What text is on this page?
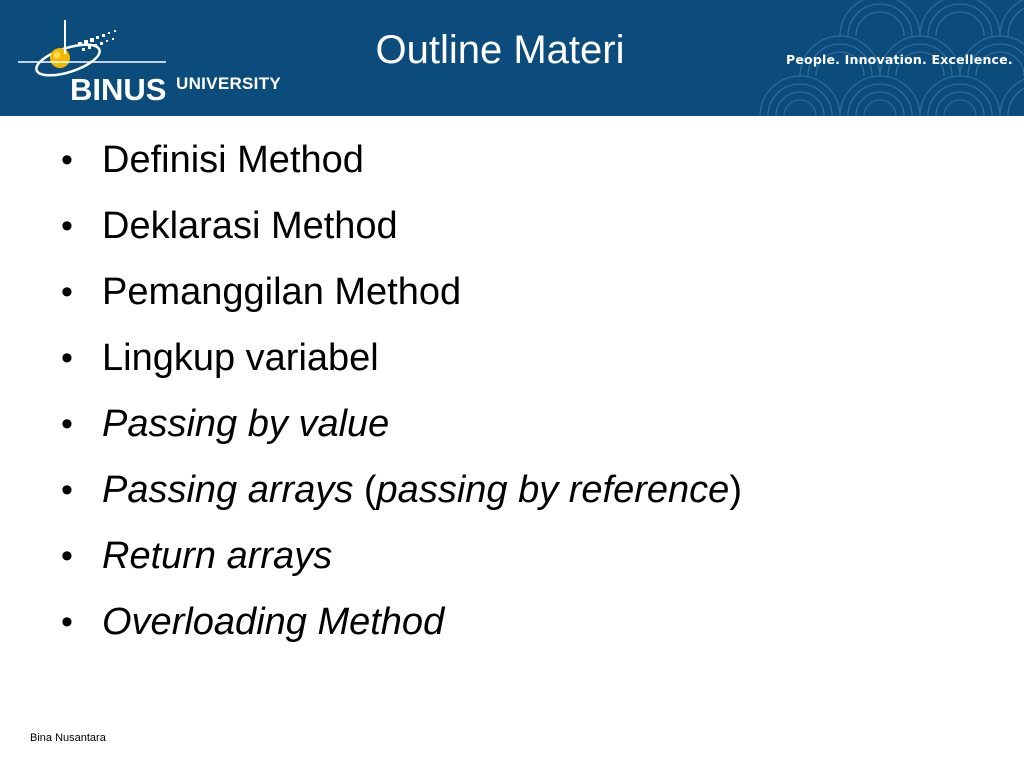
BINUS UNIVERSITY
Outline Materi	People. Innovation. Excellence.
• Definisi Method
• Deklarasi Method
• Pemanggilan Method
• Lingkup variabel
• Passing by value
• Passing arrays (passing by reference)
• Return arrays
• Overloading Method
Bina Nusantara
